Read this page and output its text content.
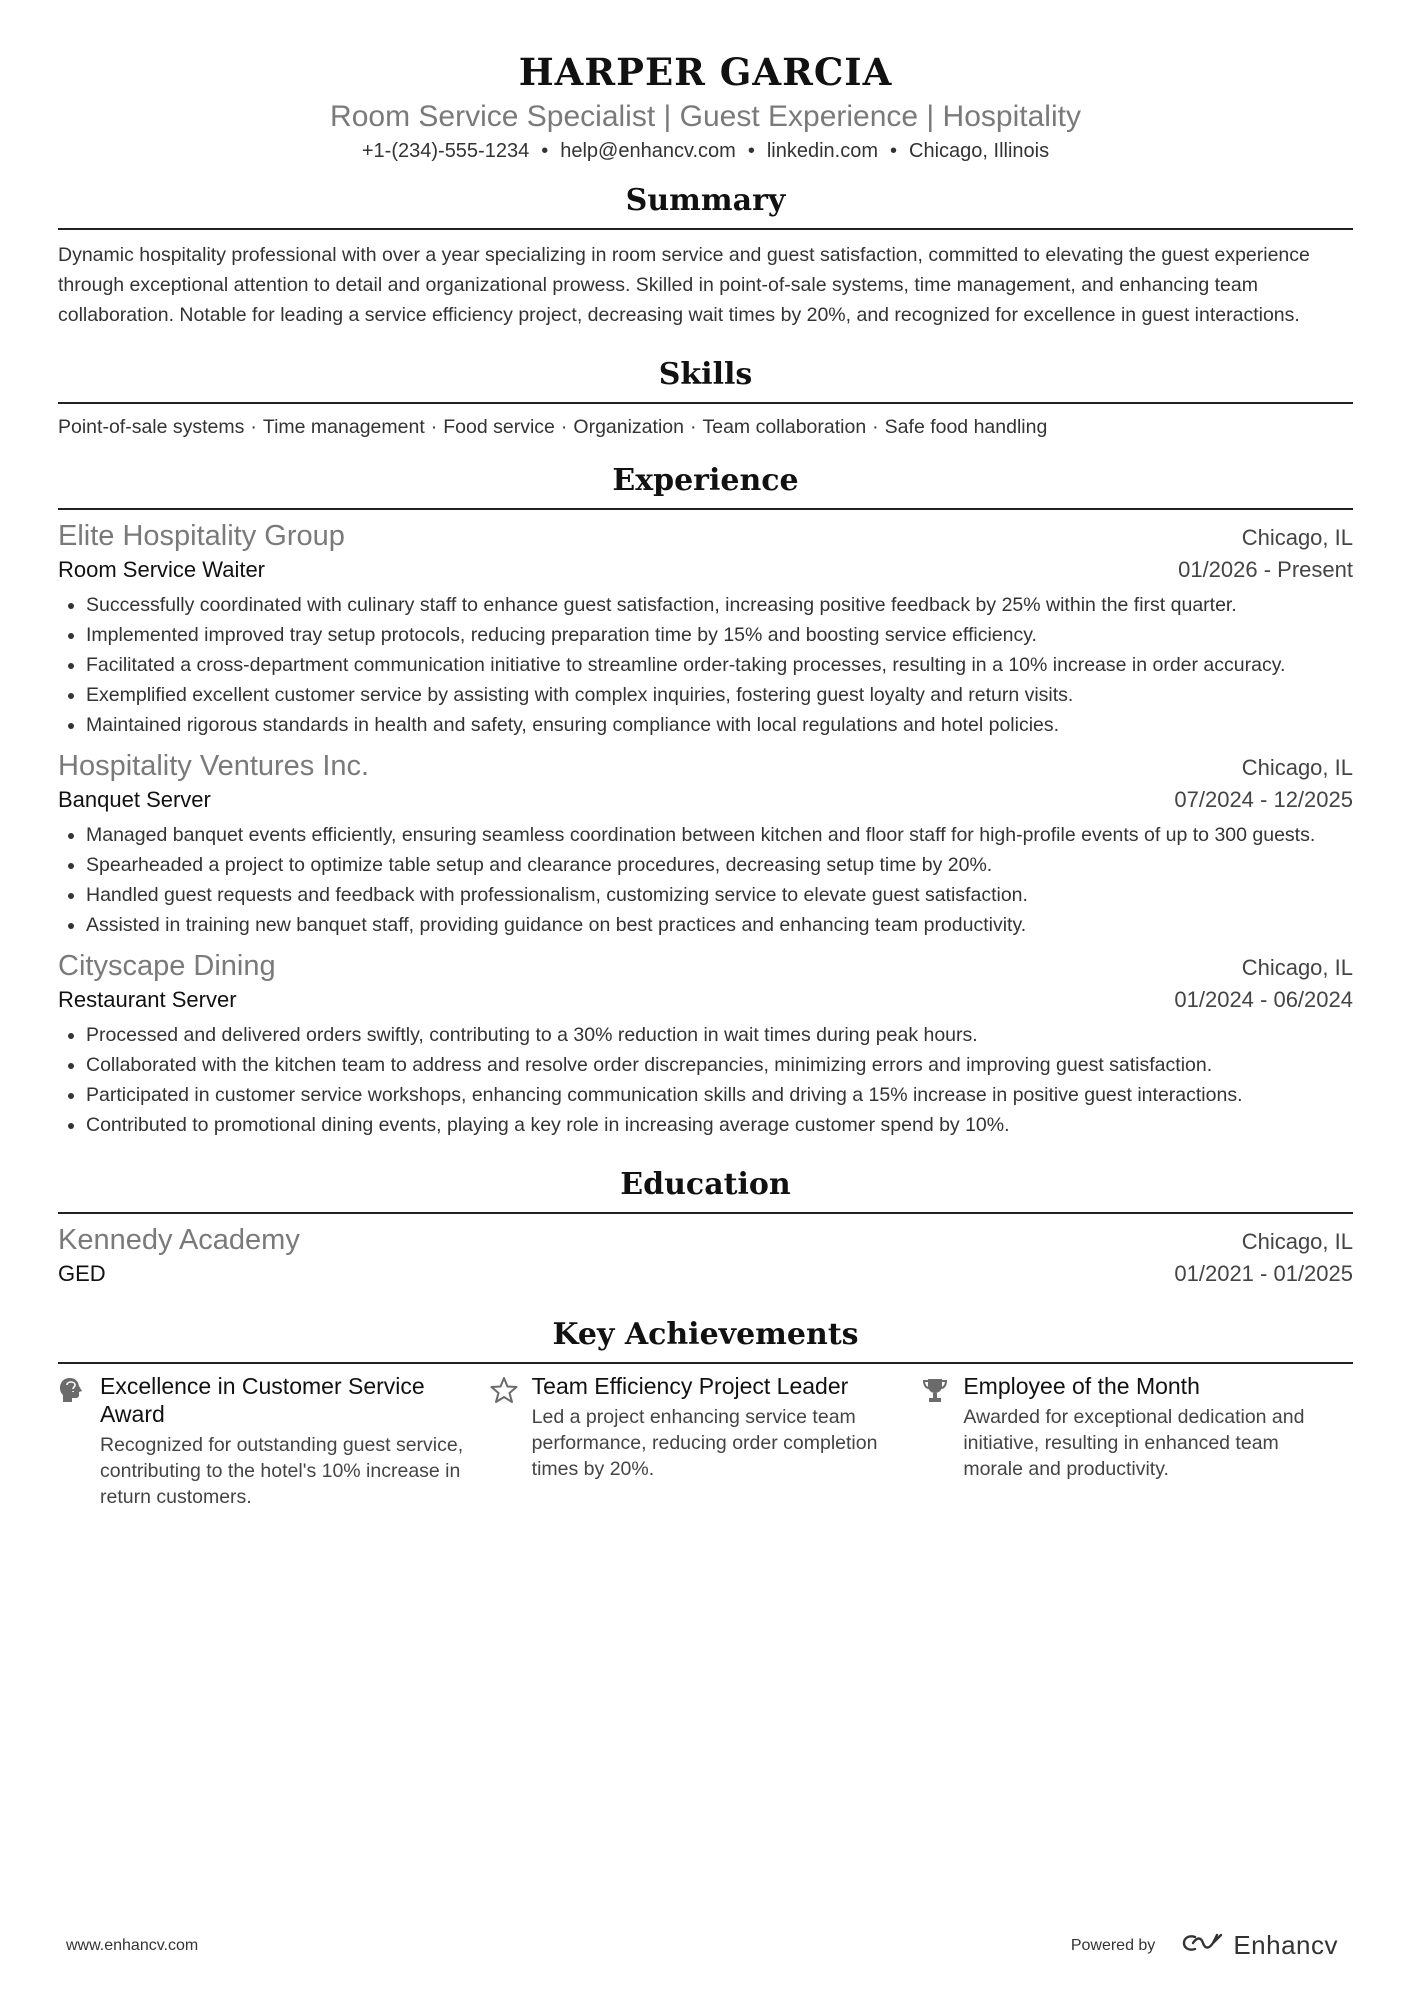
HARPER GARCIA
Room Service Specialist | Guest Experience | Hospitality
+1-(234)-555-1234 • help@enhancv.com • linkedin.com • Chicago, Illinois
Summary
Dynamic hospitality professional with over a year specializing in room service and guest satisfaction, committed to elevating the guest experience through exceptional attention to detail and organizational prowess. Skilled in point-of-sale systems, time management, and enhancing team collaboration. Notable for leading a service efficiency project, decreasing wait times by 20%, and recognized for excellence in guest interactions.
Skills
Point-of-sale systems · Time management · Food service · Organization · Team collaboration · Safe food handling
Experience
Elite Hospitality Group	Chicago, IL
Room Service Waiter	01/2026 - Present
• Successfully coordinated with culinary staff to enhance guest satisfaction, increasing positive feedback by 25% within the first quarter.
• Implemented improved tray setup protocols, reducing preparation time by 15% and boosting service efficiency.
• Facilitated a cross-department communication initiative to streamline order-taking processes, resulting in a 10% increase in order accuracy.
• Exemplified excellent customer service by assisting with complex inquiries, fostering guest loyalty and return visits.
• Maintained rigorous standards in health and safety, ensuring compliance with local regulations and hotel policies.
Hospitality Ventures Inc.	Chicago, IL
Banquet Server	07/2024 - 12/2025
• Managed banquet events efficiently, ensuring seamless coordination between kitchen and floor staff for high-profile events of up to 300 guests.
• Spearheaded a project to optimize table setup and clearance procedures, decreasing setup time by 20%.
• Handled guest requests and feedback with professionalism, customizing service to elevate guest satisfaction.
• Assisted in training new banquet staff, providing guidance on best practices and enhancing team productivity.
Cityscape Dining	Chicago, IL
Restaurant Server	01/2024 - 06/2024
• Processed and delivered orders swiftly, contributing to a 30% reduction in wait times during peak hours.
• Collaborated with the kitchen team to address and resolve order discrepancies, minimizing errors and improving guest satisfaction.
• Participated in customer service workshops, enhancing communication skills and driving a 15% increase in positive guest interactions.
• Contributed to promotional dining events, playing a key role in increasing average customer spend by 10%.
Education
Kennedy Academy	Chicago, IL
GED	01/2021 - 01/2025
Key Achievements
Excellence in Customer Service Award
Recognized for outstanding guest service, contributing to the hotel's 10% increase in return customers.
Team Efficiency Project Leader
Led a project enhancing service team performance, reducing order completion times by 20%.
Employee of the Month
Awarded for exceptional dedication and initiative, resulting in enhanced team morale and productivity.
www.enhancv.com	Powered by	Enhancv
